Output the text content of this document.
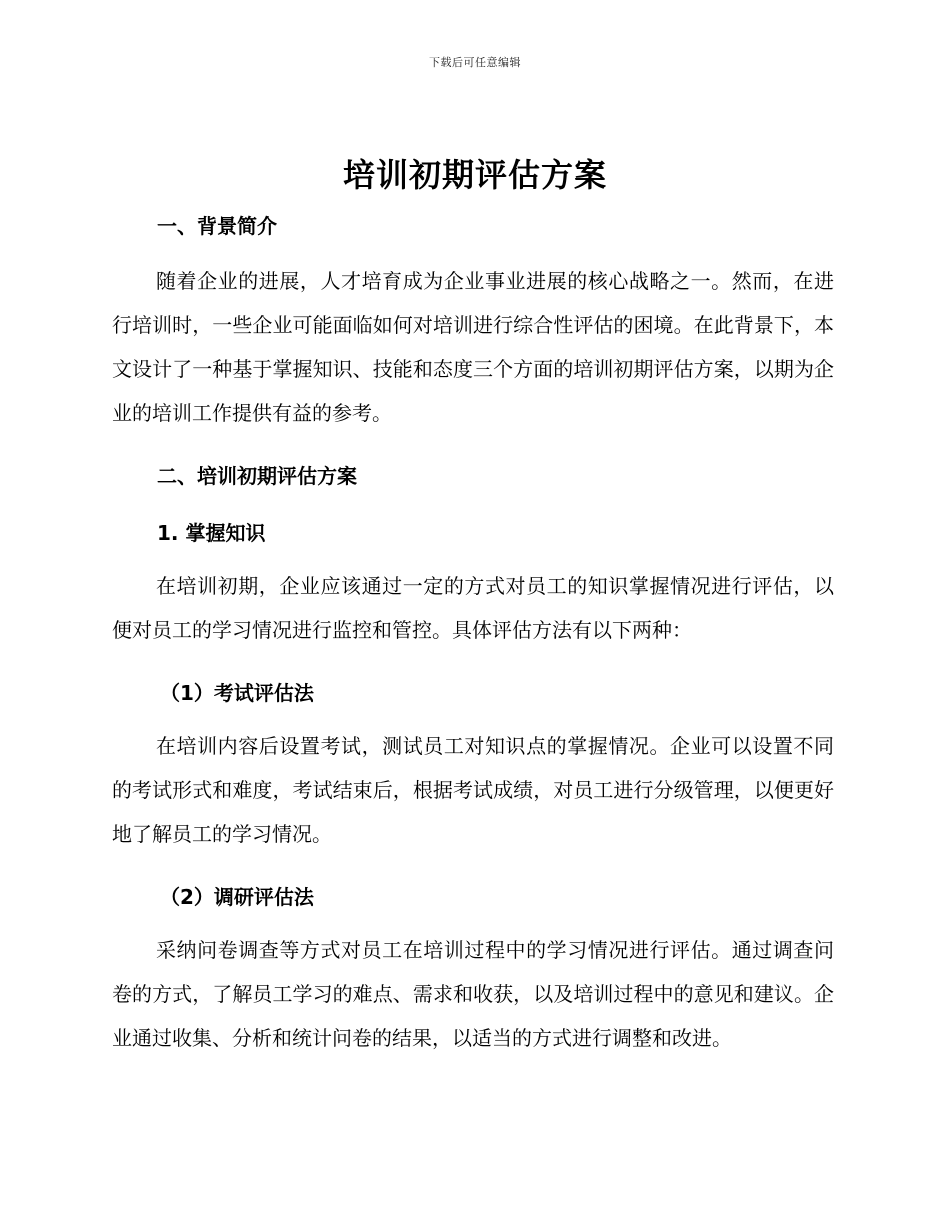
下载后可任意编辑
培训初期评估方案
一、背景简介

随着企业的进展，人才培育成为企业事业进展的核心战略之一。然而，在进行培训时，一些企业可能面临如何对培训进行综合性评估的困境。在此背景下，本文设计了一种基于掌握知识、技能和态度三个方面的培训初期评估方案，以期为企业的培训工作提供有益的参考。

二、培训初期评估方案
1. 掌握知识

在培训初期，企业应该通过一定的方式对员工的知识掌握情况进行评估，以便对员工的学习情况进行监控和管控。具体评估方法有以下两种：

（1）考试评估法

在培训内容后设置考试，测试员工对知识点的掌握情况。企业可以设置不同的考试形式和难度，考试结束后，根据考试成绩，对员工进行分级管理，以便更好地了解员工的学习情况。

（2）调研评估法

采纳问卷调查等方式对员工在培训过程中的学习情况进行评估。通过调查问卷的方式，了解员工学习的难点、需求和收获，以及培训过程中的意见和建议。企业通过收集、分析和统计问卷的结果，以适当的方式进行调整和改进。
